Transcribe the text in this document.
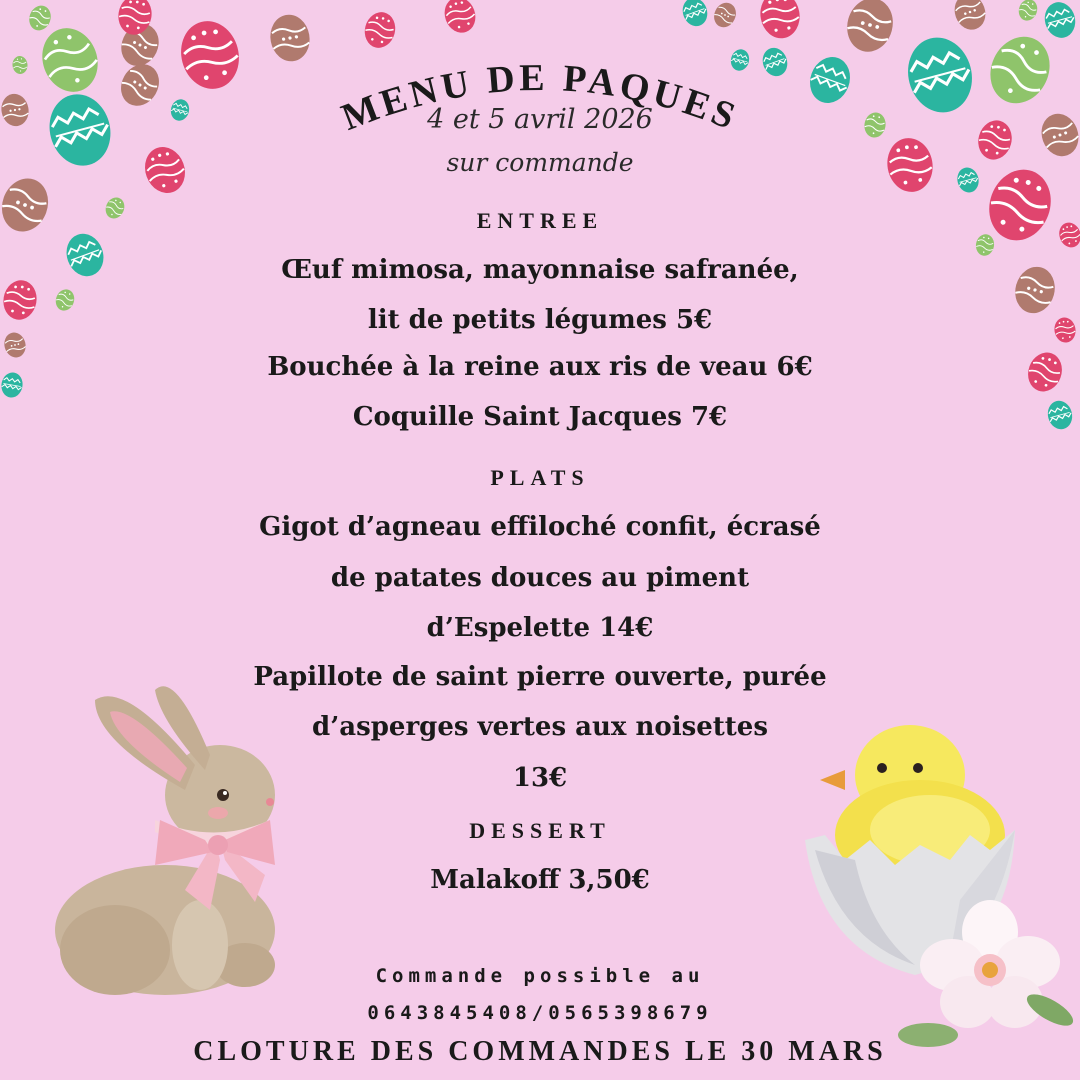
MENU DE PAQUES
4 et 5 avril 2026
sur commande
ENTREE
Œuf mimosa, mayonnaise safranée,
lit de petits légumes 5€
Bouchée à la reine aux ris de veau 6€
Coquille Saint Jacques 7€
PLATS
Gigot d’agneau effiloché confit, écrasé
de patates douces au piment
d’Espelette 14€
Papillote de saint pierre ouverte, purée
d’asperges vertes aux noisettes
13€
DESSERT
Malakoff 3,50€
Commande possible au
0643845408/0565398679
CLOTURE DES COMMANDES LE 30 MARS
